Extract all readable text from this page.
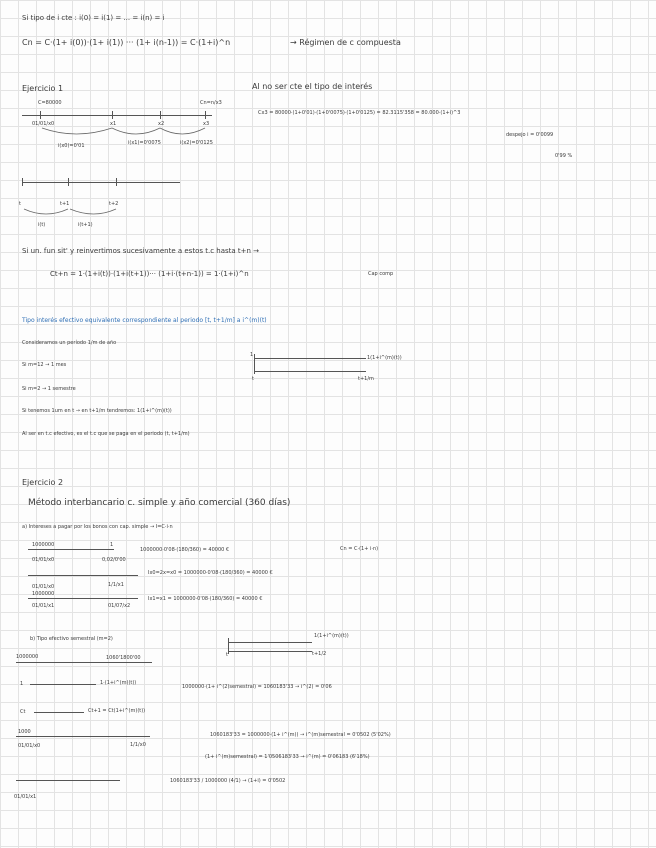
Si tipo de i cte : i(0) = i(1) = ... = i(n) = i
Cn = C·(1+ i(0))·(1+ i(1)) ··· (1+ i(n-1)) = C·(1+i)^n	→ Régimen de c compuesta
Ejercicio 1
C=80000	Cn=n/x3
01/01/x0	x1	x2	x3
i(x0)=0'01	i(x1)=0'0075	i(x2)=0'0125
Al no ser cte el tipo de interés
Cx3 = 80000·(1+0'01)·(1+0'0075)·(1+0'0125) = 82.3115'358 = 80.000·(1+i)^3
despejo i = 0'0099
0'99 %
t	t+1	t+2
i(t)	i(t+1)
Si un. fun sit' y reinvertimos sucesivamente a estos t.c hasta t+n →
Ct+n = 1·(1+i(t))·(1+i(t+1))··· (1+i·(t+n-1)) = 1·(1+i)^n	Cap comp
Tipo interés efectivo equivalente correspondiente al periodo [t, t+1/m] a i^(m)(t)
Consideramos un período 1/m de año
Si m=12 → 1 mes
Si m=2 → 1 semestre
Si tenemos 1um en t → en t+1/m tendremos: 1(1+i^(m)(t))
Al ser en t.c efectivo, es el t.c que se paga en el periodo (t, t+1/m)
1(1+i^(m)(t))
1
t	t+1/m
Ejercicio 2
Método interbancario c. simple y año comercial (360 días)
a) Intereses a pagar por los bonos con cap. simple → I=C·i·n
1000000	1
01/01/x0	0,02/0'00
1000000·0'08·(180/360) = 40000 €	Cn = C·(1+ i·n)
Ix0=2x=x0 = 1000000·0'08·(180/360) = 40000 €
01/01/x0	1/1/x1
1000000
01/01/x1	01/07/x2
Ix1=x1 = 1000000·0'08·(180/360) = 40000 €
b) Tipo efectivo semestral (m=2)
1000000	1060'1800'00
1(1+i^(m)(t))
t	t+1/2
1	1·(1+i^(m)(t))
1000000·(1+ i^(2)semestral) = 1060183'33 → i^(2) = 0'06
Ct	Ct+1 = Ct(1+i^(m)(t))
1000
01/01/x0	1/1/x0
1060183'33 = 1000000·(1+ i^(m)) → i^(m)semestral = 0'0502 (5'02%)
(1+ i^(m)semestral) = 1'0506183'33 → i^(m) = 0'06183 (6'18%)
1060183'33 / 1000000 (4/1) → (1+i) = 0'0502
01/01/x1
